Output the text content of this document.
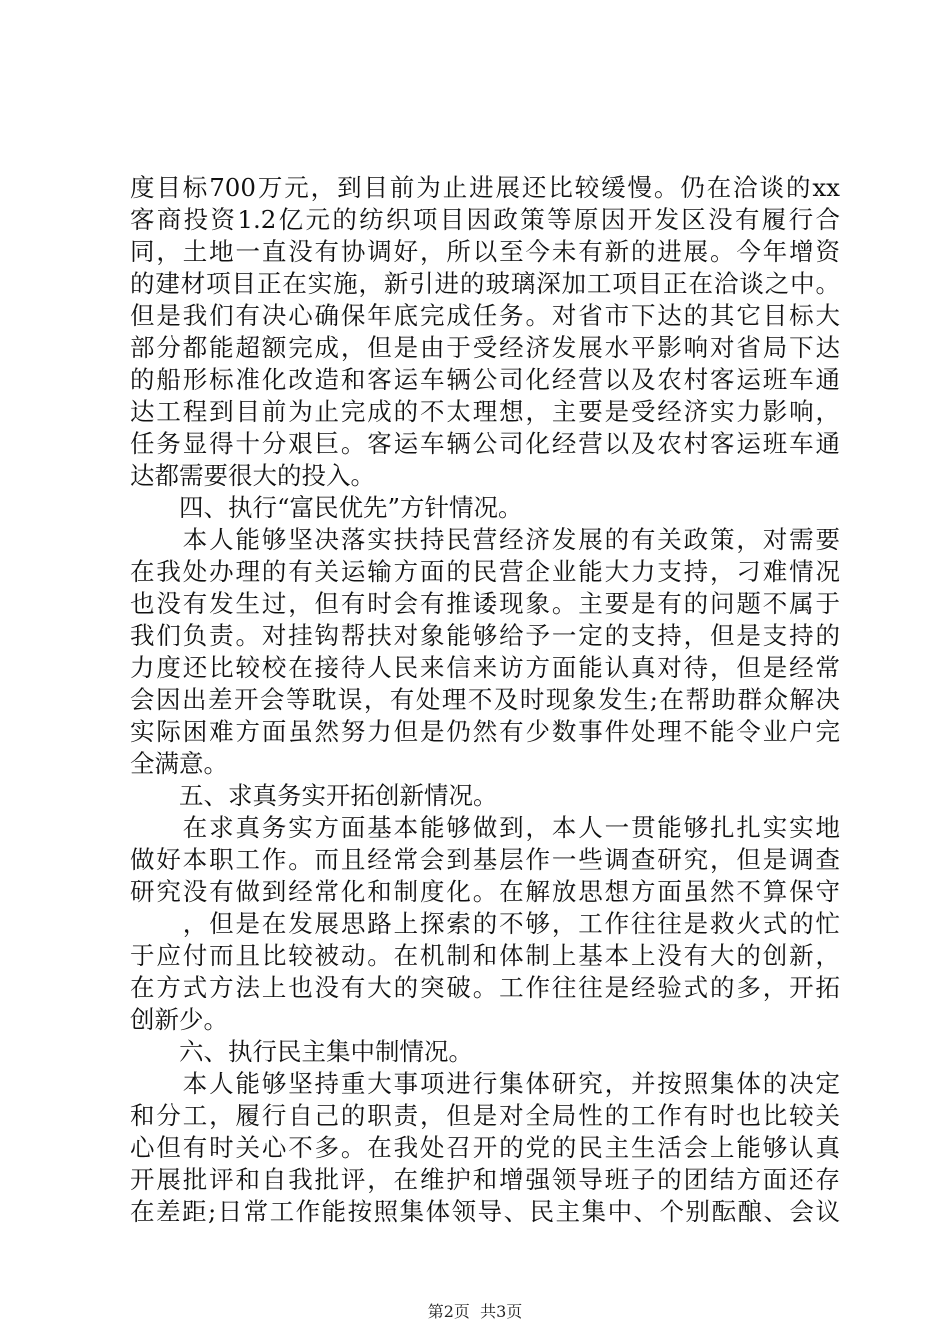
度目标700万元，到目前为止进展还比较缓慢。仍在洽谈的xx
客商投资1.2亿元的纺织项目因政策等原因开发区没有履行合
同，土地一直没有协调好，所以至今未有新的进展。今年增资
的建材项目正在实施，新引进的玻璃深加工项目正在洽谈之中。
但是我们有决心确保年底完成任务。对省市下达的其它目标大
部分都能超额完成，但是由于受经济发展水平影响对省局下达
的船形标准化改造和客运车辆公司化经营以及农村客运班车通
达工程到目前为止完成的不太理想，主要是受经济实力影响，
任务显得十分艰巨。客运车辆公司化经营以及农村客运班车通
达都需要很大的投入。
　　四、执行“富民优先”方针情况。
　　本人能够坚决落实扶持民营经济发展的有关政策，对需要
在我处办理的有关运输方面的民营企业能大力支持，刁难情况
也没有发生过，但有时会有推诿现象。主要是有的问题不属于
我们负责。对挂钩帮扶对象能够给予一定的支持，但是支持的
力度还比较校在接待人民来信来访方面能认真对待，但是经常
会因出差开会等耽误，有处理不及时现象发生;在帮助群众解决
实际困难方面虽然努力但是仍然有少数事件处理不能令业户完
全满意。
　　五、求真务实开拓创新情况。
　　在求真务实方面基本能够做到，本人一贯能够扎扎实实地
做好本职工作。而且经常会到基层作一些调查研究，但是调查
研究没有做到经常化和制度化。在解放思想方面虽然不算保守
　　，但是在发展思路上探索的不够，工作往往是救火式的忙
于应付而且比较被动。在机制和体制上基本上没有大的创新，
在方式方法上也没有大的突破。工作往往是经验式的多，开拓
创新少。
　　六、执行民主集中制情况。
　　本人能够坚持重大事项进行集体研究，并按照集体的决定
和分工，履行自己的职责，但是对全局性的工作有时也比较关
心但有时关心不多。在我处召开的党的民主生活会上能够认真
开展批评和自我批评，在维护和增强领导班子的团结方面还存
在差距;日常工作能按照集体领导、民主集中、个别酝酿、会议
第2页  共3页
